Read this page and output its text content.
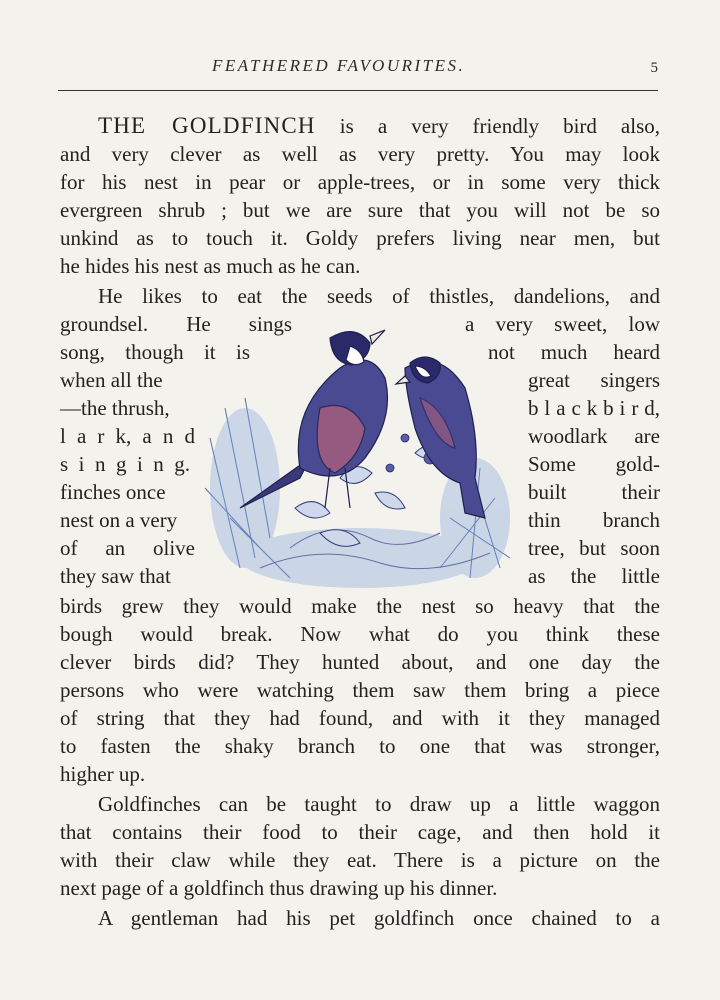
FEATHERED FAVOURITES.	5
THE GOLDFINCH is a very friendly bird also,
and very clever as well as very pretty. You may look
for his nest in pear or apple-trees, or in some very thick
evergreen shrub ; but we are sure that you will not be so
unkind as to touch it. Goldy prefers living near men, but
he hides his nest as much as he can.
He likes to eat the seeds of thistles, dandelions, and
groundsel. He sings	a very sweet, low
song, though it is	not much heard
when all the	great singers
—the thrush,	b l a c k b i r d,
l a r k, a n d	woodlark are
s i n g i n g.	Some gold-
finches once	built their
nest on a very	thin branch
of an olive	tree, but soon
they saw that	as the little
birds grew they would make the nest so heavy that the
bough would break. Now what do you think these
clever birds did? They hunted about, and one day the
persons who were watching them saw them bring a piece
of string that they had found, and with it they managed
to fasten the shaky branch to one that was stronger,
higher up.
Goldfinches can be taught to draw up a little waggon
that contains their food to their cage, and then hold it
with their claw while they eat. There is a picture on the
next page of a goldfinch thus drawing up his dinner.
A gentleman had his pet goldfinch once chained to a
